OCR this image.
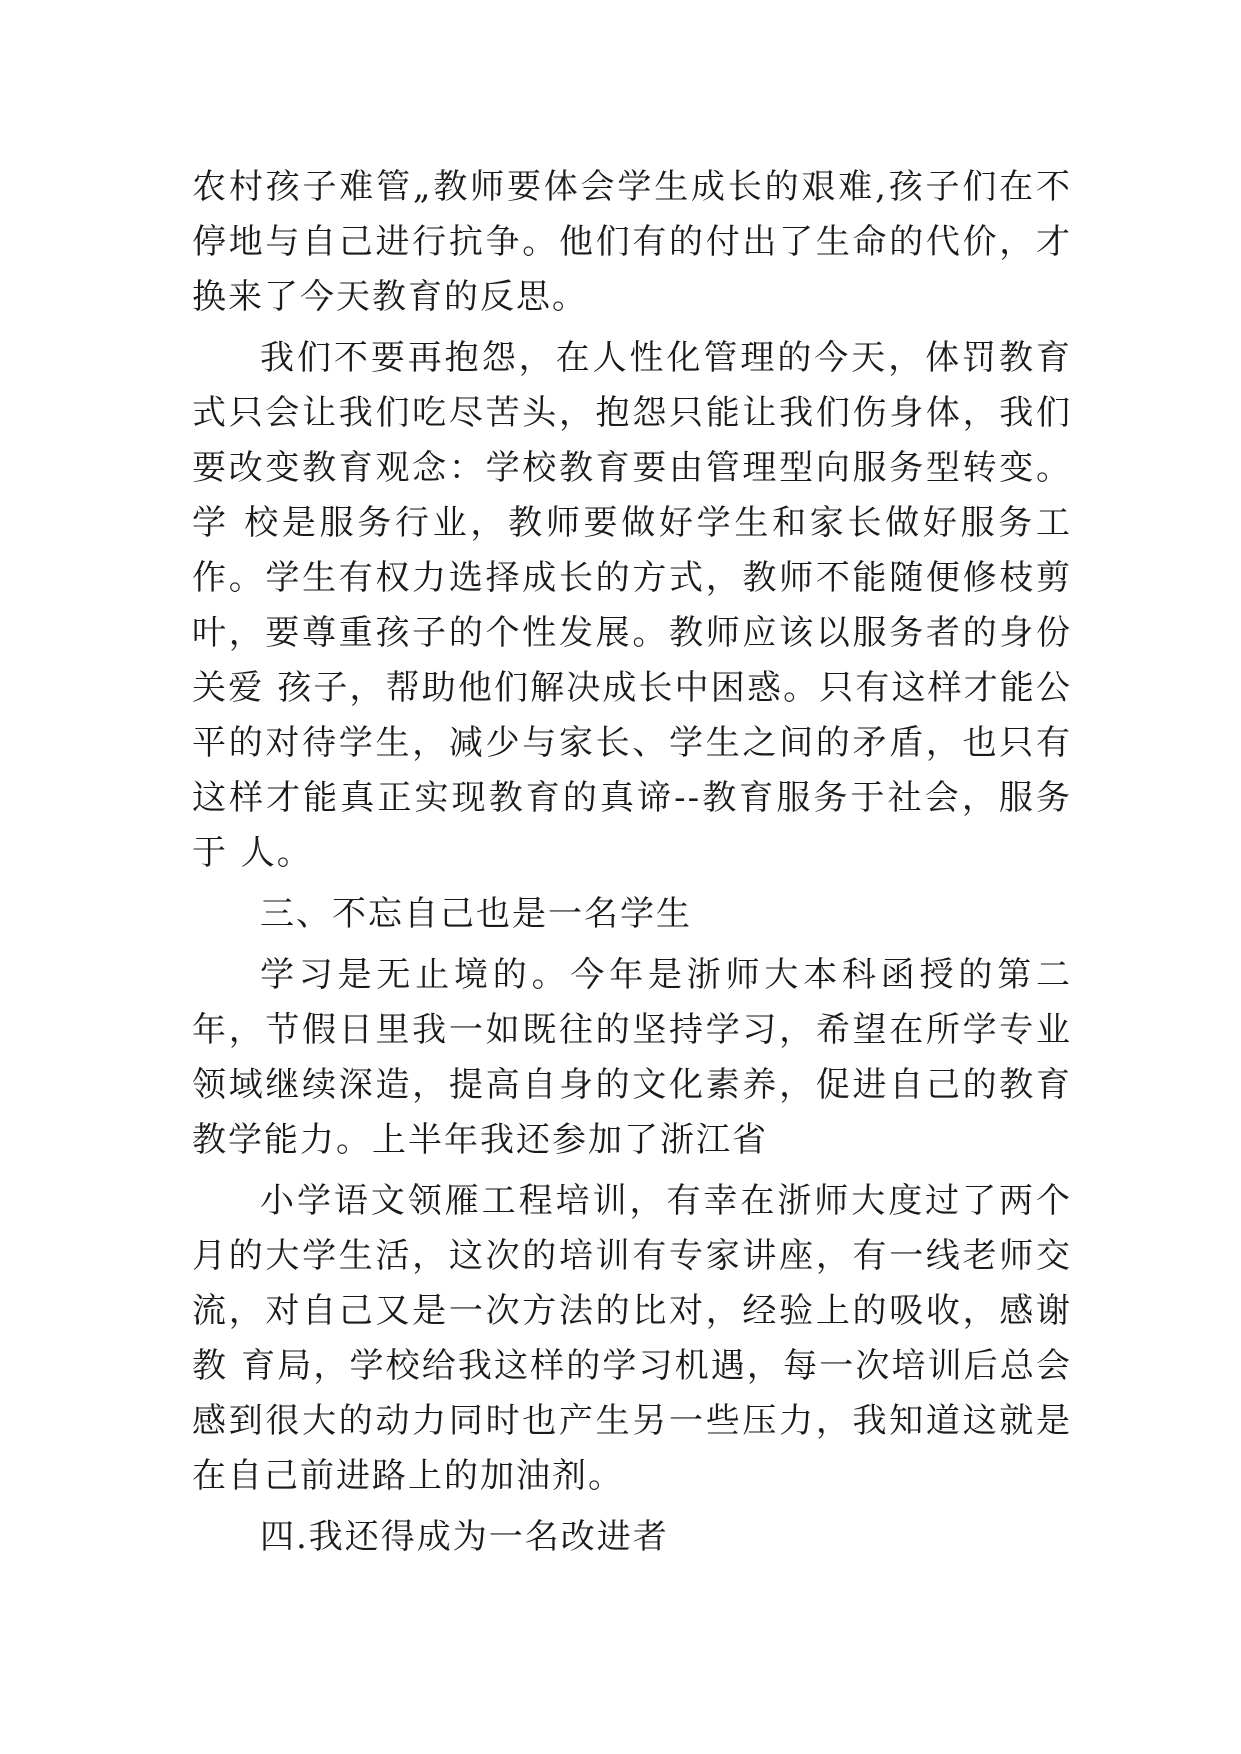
农村孩子难管„教师要体会学生成长的艰难,孩子们在不停地与自己进行抗争。他们有的付出了生命的代价，才换来了今天教育的反思。

我们不要再抱怨，在人性化管理的今天，体罚教育式只会让我们吃尽苦头，抱怨只能让我们伤身体，我们要改变教育观念：学校教育要由管理型向服务型转变。学 校是服务行业，教师要做好学生和家长做好服务工作。学生有权力选择成长的方式，教师不能随便修枝剪叶，要尊重孩子的个性发展。教师应该以服务者的身份关爱 孩子，帮助他们解决成长中困惑。只有这样才能公平的对待学生，减少与家长、学生之间的矛盾，也只有这样才能真正实现教育的真谛--教育服务于社会，服务于 人。

三、不忘自己也是一名学生

学习是无止境的。今年是浙师大本科函授的第二年，节假日里我一如既往的坚持学习，希望在所学专业领域继续深造，提高自身的文化素养，促进自己的教育教学能力。上半年我还参加了浙江省

小学语文领雁工程培训，有幸在浙师大度过了两个月的大学生活，这次的培训有专家讲座，有一线老师交流，对自己又是一次方法的比对，经验上的吸收，感谢教 育局，学校给我这样的学习机遇，每一次培训后总会感到很大的动力同时也产生另一些压力，我知道这就是在自己前进路上的加油剂。

四.我还得成为一名改进者
